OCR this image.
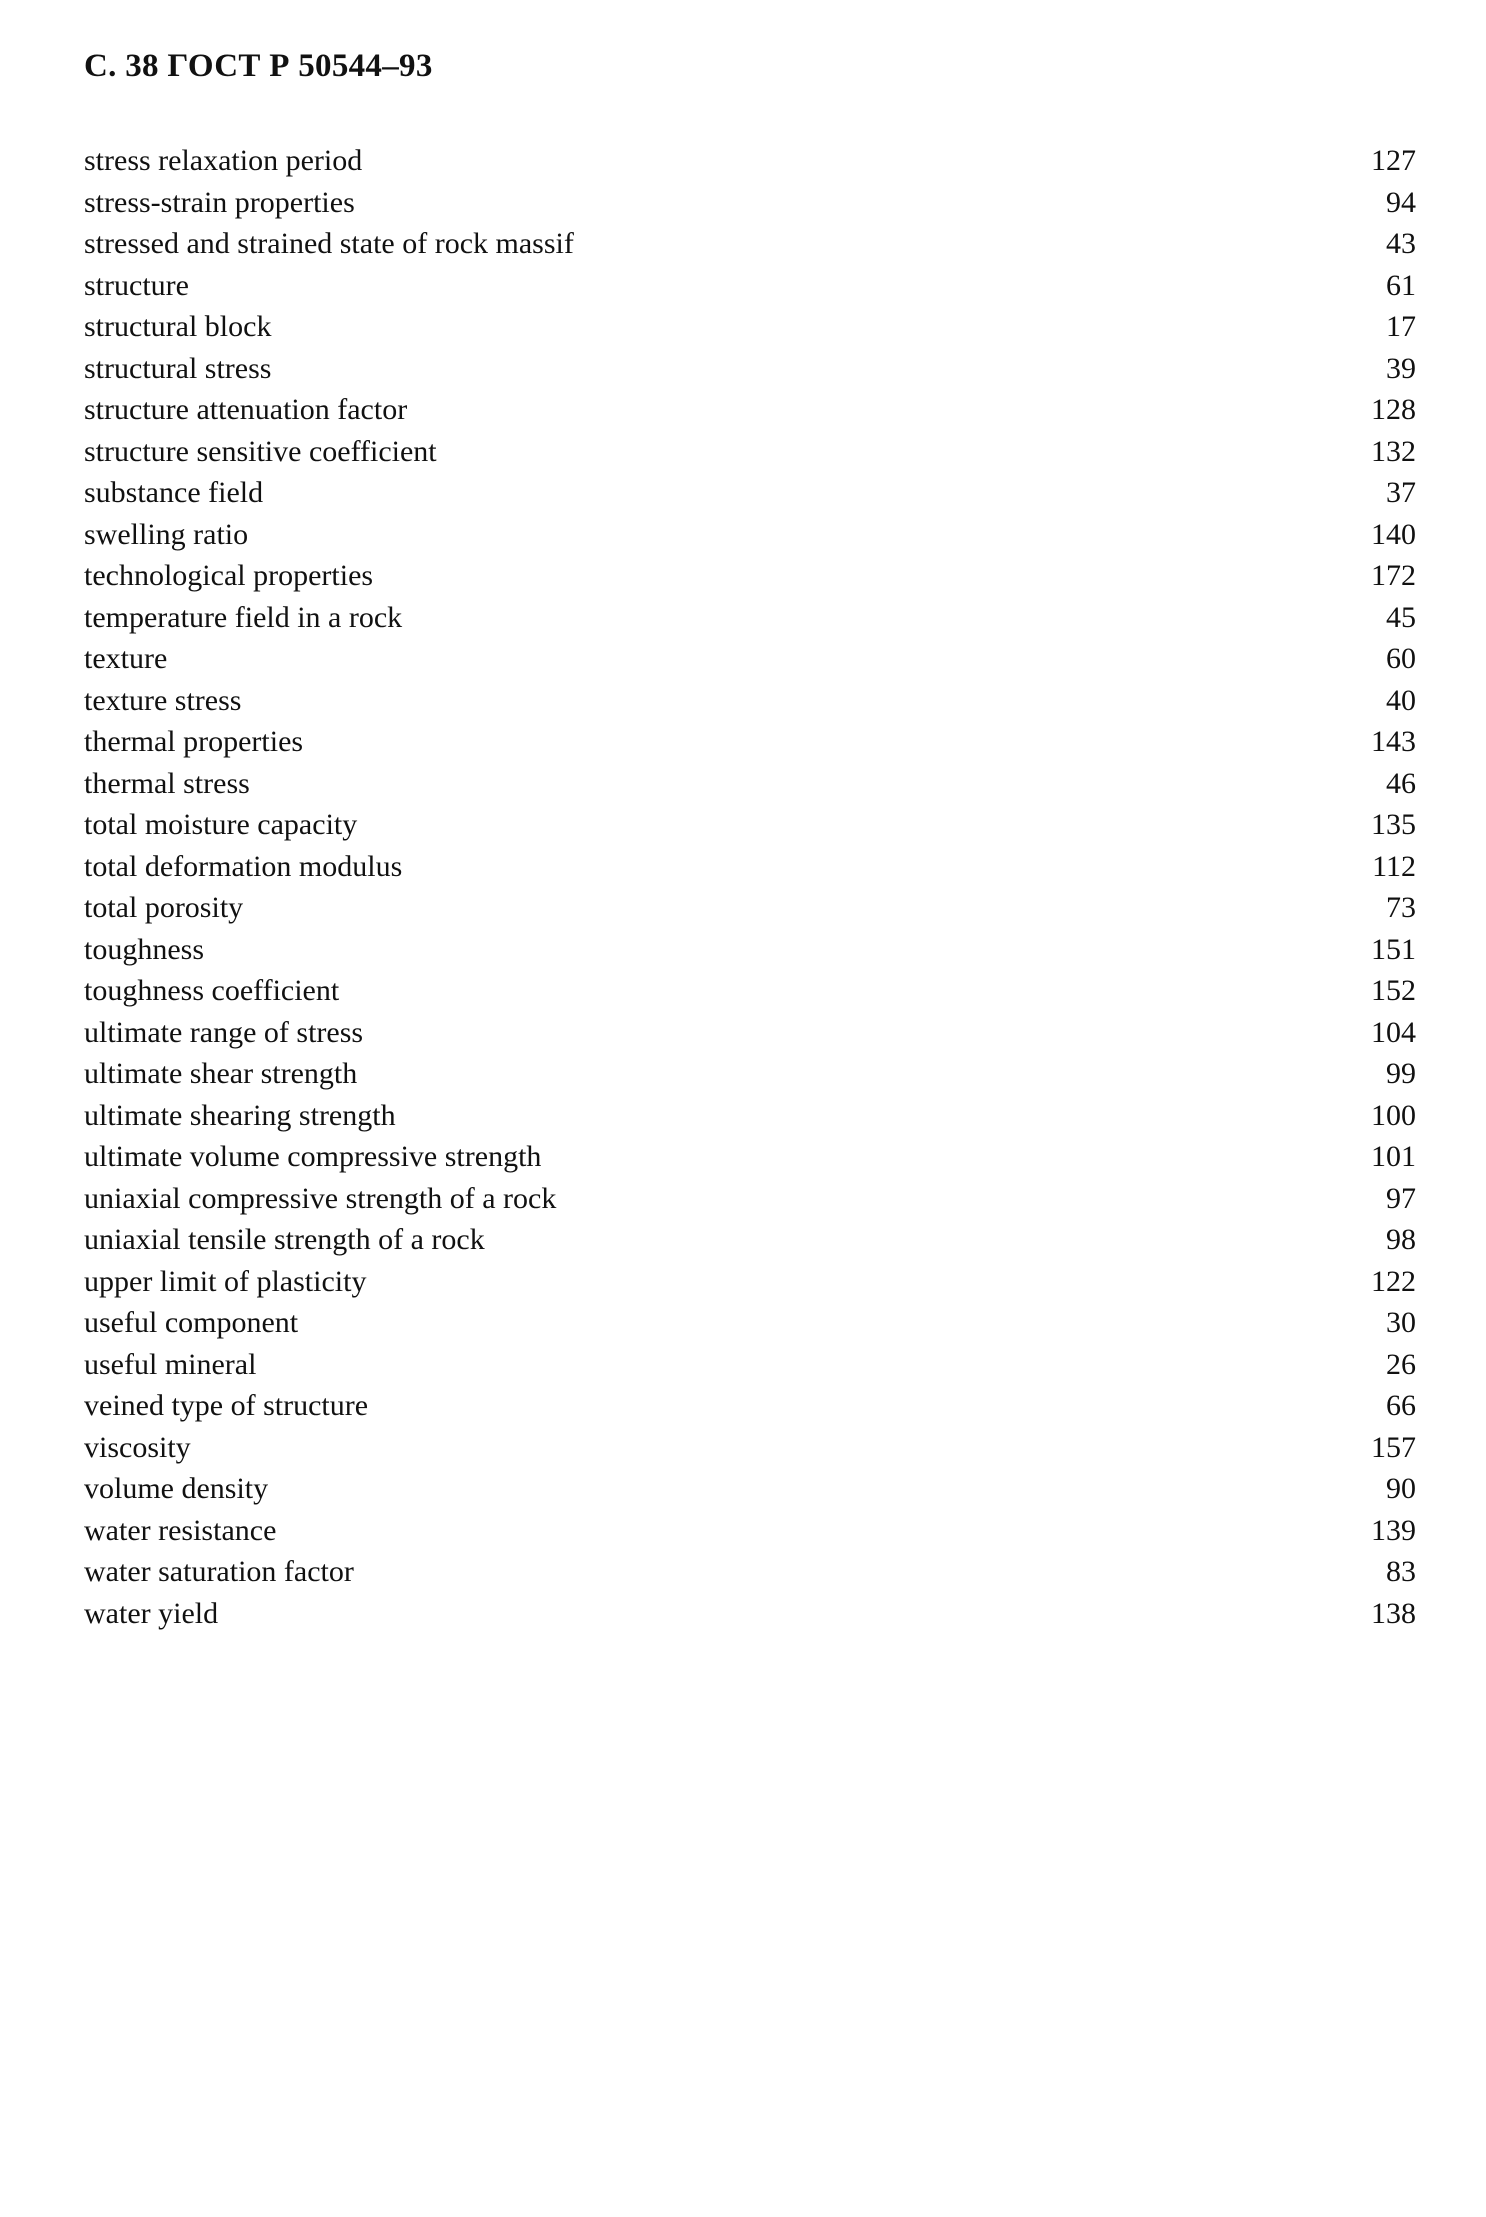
С. 38 ГОСТ Р 50544–93
stress relaxation period	127
stress-strain properties	94
stressed and strained state of rock massif	43
structure	61
structural block	17
structural stress	39
structure attenuation factor	128
structure sensitive coefficient	132
substance field	37
swelling ratio	140
technological properties	172
temperature field in a rock	45
texture	60
texture stress	40
thermal properties	143
thermal stress	46
total moisture capacity	135
total deformation modulus	112
total porosity	73
toughness	151
toughness coefficient	152
ultimate range of stress	104
ultimate shear strength	99
ultimate shearing strength	100
ultimate volume compressive strength	101
uniaxial compressive strength of a rock	97
uniaxial tensile strength of a rock	98
upper limit of plasticity	122
useful component	30
useful mineral	26
veined type of structure	66
viscosity	157
volume density	90
water resistance	139
water saturation factor	83
water yield	138
